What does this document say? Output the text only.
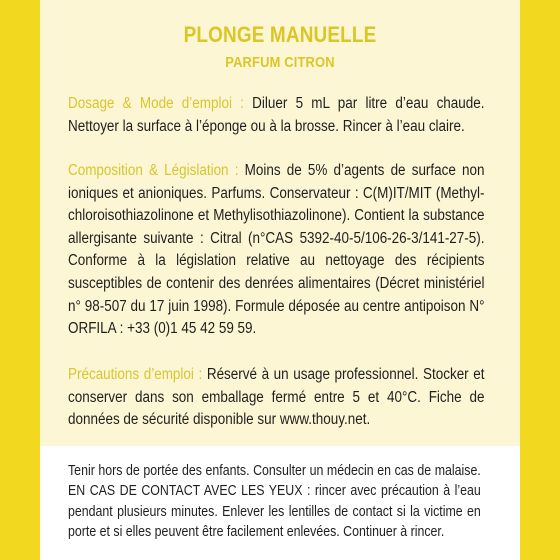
PLONGE MANUELLE
PARFUM CITRON
Dosage & Mode d’emploi : Diluer 5 mL par litre d’eau chaude. Nettoyer la surface à l’éponge ou à la brosse. Rincer à l’eau claire.
Composition & Législation : Moins de 5% d’agents de surface non ioniques et anioniques. Parfums. Conservateur : C(M)IT/MIT (Methyl-chloroisothiazolinone et Methylisothiazolinone). Contient la substance allergisante suivante : Citral (n°CAS 5392-40-5/106-26-3/141-27-5). Conforme à la législation relative au nettoyage des récipients susceptibles de contenir des denrées alimentaires (Décret ministériel n° 98-507 du 17 juin 1998). Formule déposée au centre antipoison N° ORFILA : +33 (0)1 45 42 59 59.
Précautions d’emploi : Réservé à un usage professionnel. Stocker et conserver dans son emballage fermé entre 5 et 40°C. Fiche de données de sécurité disponible sur www.thouy.net.
Tenir hors de portée des enfants. Consulter un médecin en cas de malaise. EN CAS DE CONTACT AVEC LES YEUX : rincer avec précaution à l’eau pendant plusieurs minutes. Enlever les lentilles de contact si la victime en porte et si elles peuvent être facilement enlevées. Continuer à rincer.
